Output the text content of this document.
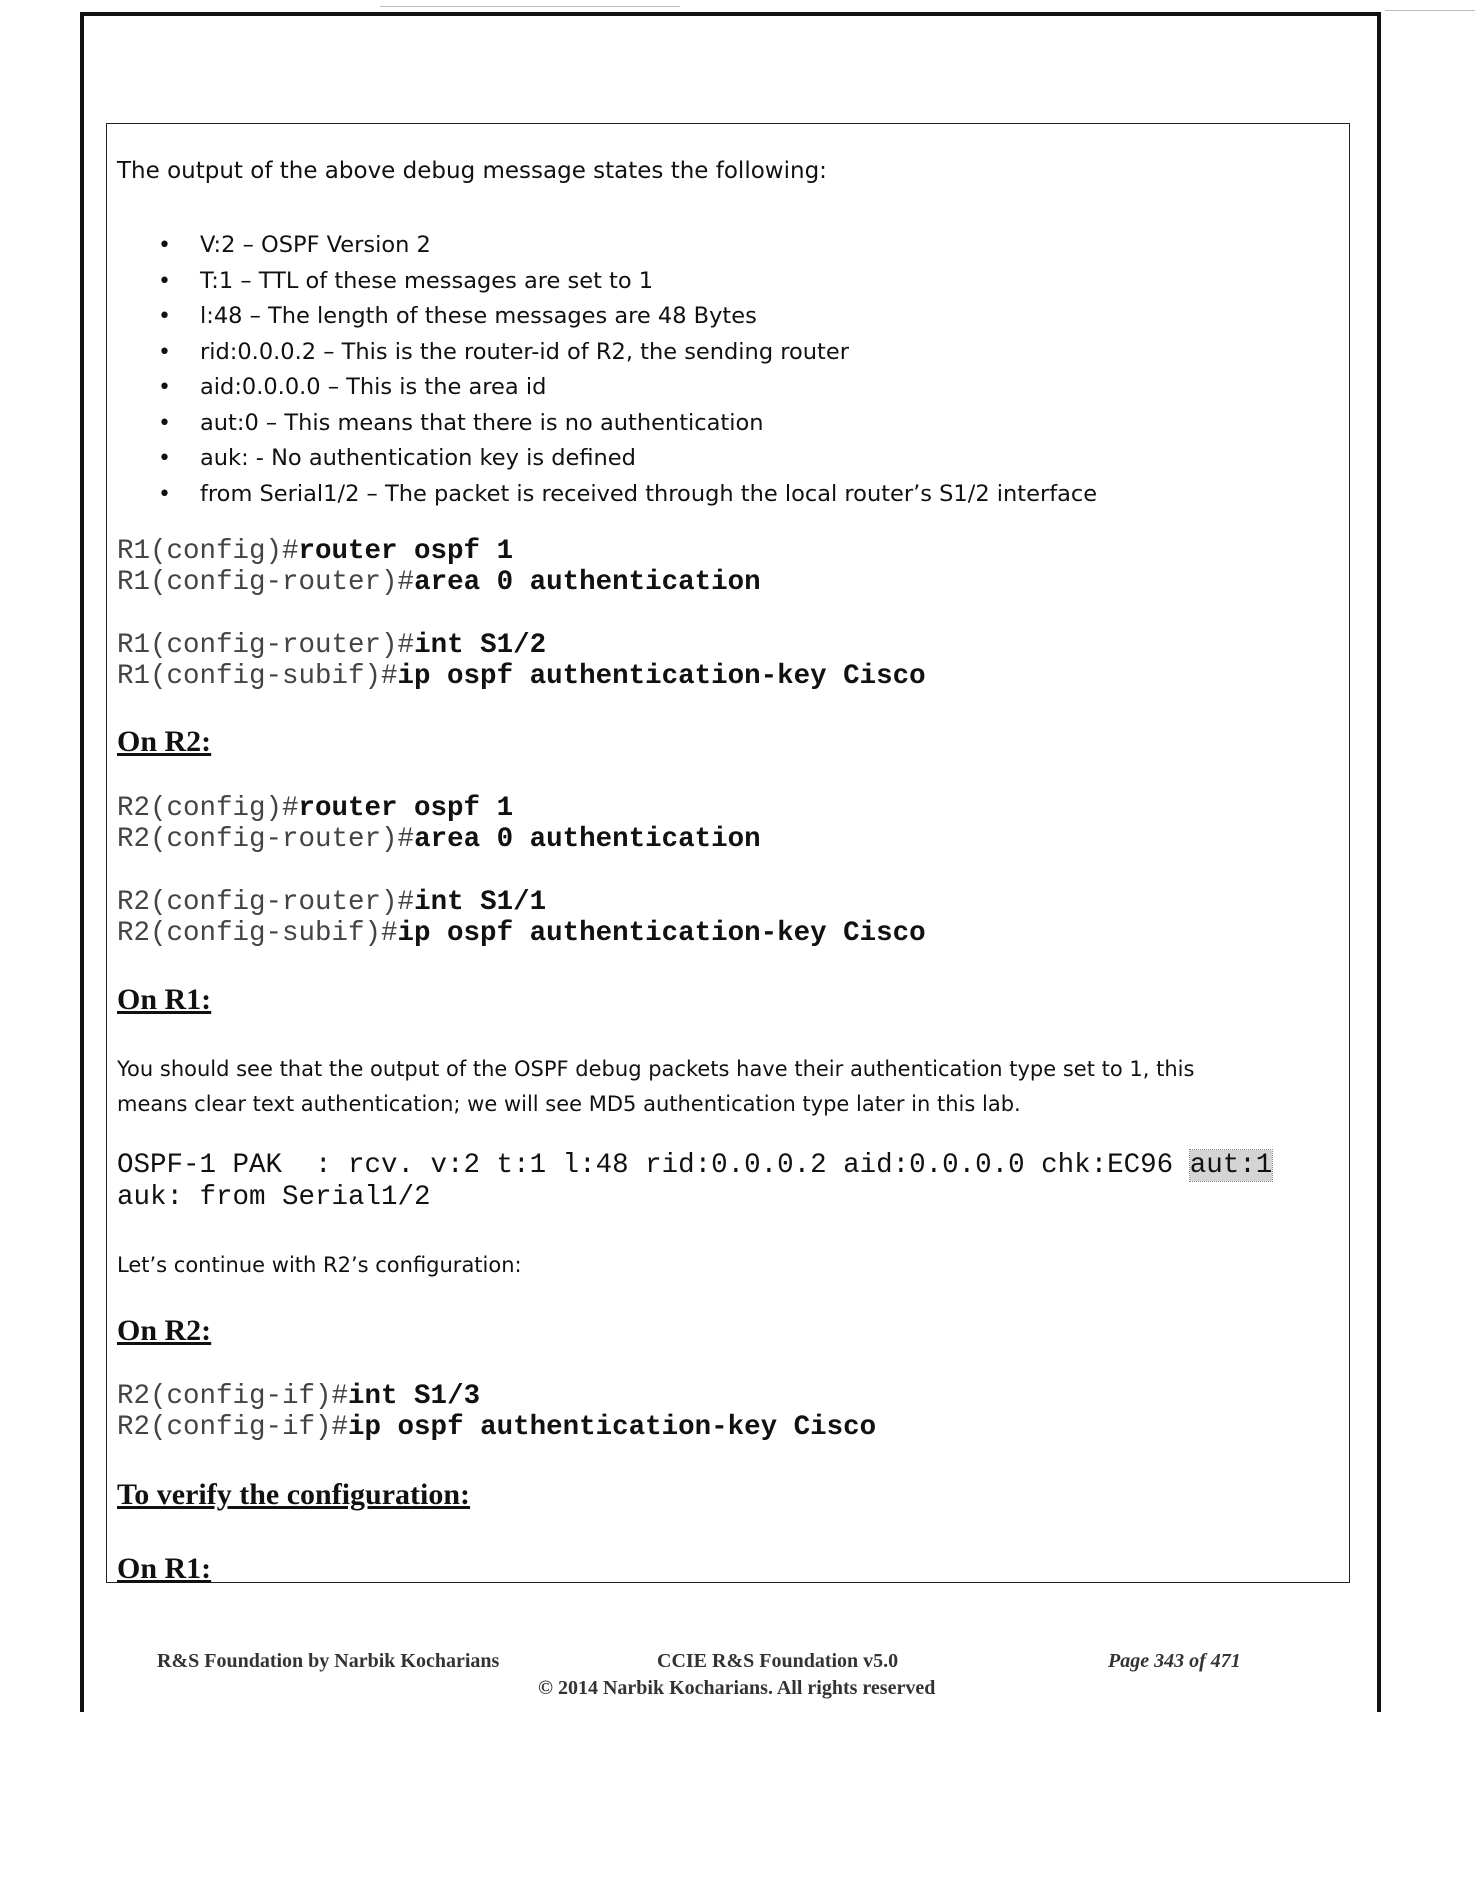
The output of the above debug message states the following:
• V:2 – OSPF Version 2
• T:1 – TTL of these messages are set to 1
• l:48 – The length of these messages are 48 Bytes
• rid:0.0.0.2 – This is the router-id of R2, the sending router
• aid:0.0.0.0 – This is the area id
• aut:0 – This means that there is no authentication
• auk: - No authentication key is defined
• from Serial1/2 – The packet is received through the local router’s S1/2 interface
R1(config)#router ospf 1
R1(config-router)#area 0 authentication
R1(config-router)#int S1/2
R1(config-subif)#ip ospf authentication-key Cisco
On R2:
R2(config)#router ospf 1
R2(config-router)#area 0 authentication
R2(config-router)#int S1/1
R2(config-subif)#ip ospf authentication-key Cisco
On R1:
You should see that the output of the OSPF debug packets have their authentication type set to 1, this
means clear text authentication; we will see MD5 authentication type later in this lab.
OSPF-1 PAK  : rcv. v:2 t:1 l:48 rid:0.0.0.2 aid:0.0.0.0 chk:EC96 aut:1
auk: from Serial1/2
Let’s continue with R2’s configuration:
On R2:
R2(config-if)#int S1/3
R2(config-if)#ip ospf authentication-key Cisco
To verify the configuration:
On R1:
R&S Foundation by Narbik Kocharians	CCIE R&S Foundation v5.0	Page 343 of 471
© 2014 Narbik Kocharians. All rights reserved
